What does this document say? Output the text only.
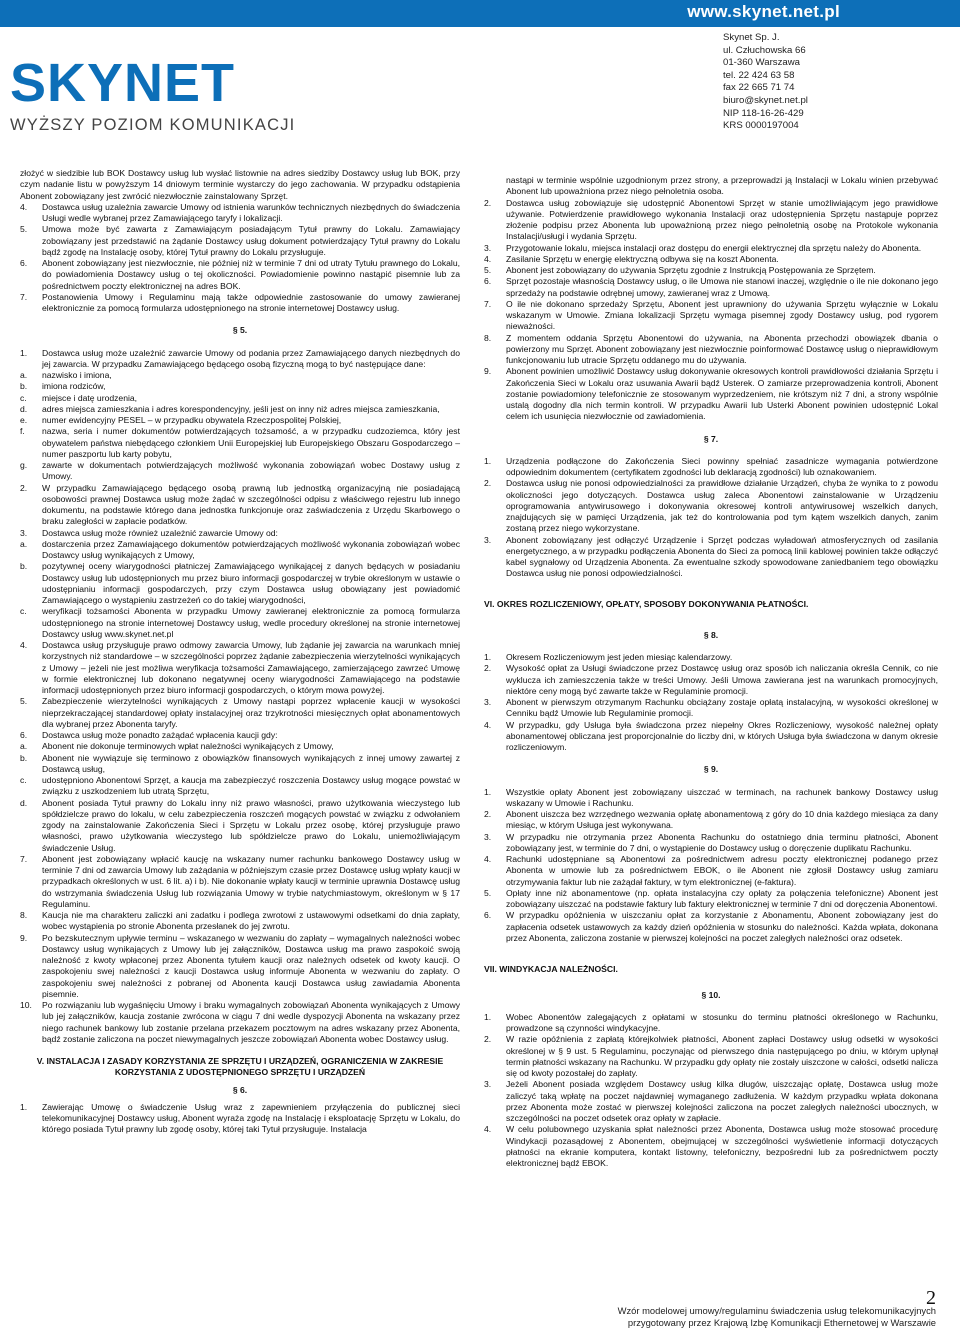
www.skynet.net.pl
SKYNET
WYŻSZY POZIOM KOMUNIKACJI
Skynet Sp. J.
ul. Człuchowska 66
01-360 Warszawa
tel. 22 424 63 58
fax 22 665 71 74
biuro@skynet.net.pl
NIP 118-16-26-429
KRS 0000197004

złożyć w siedzibie lub BOK Dostawcy usług lub wysłać listownie na adres siedziby Dostawcy usług lub BOK, przy czym nadanie listu w powyższym 14 dniowym terminie wystarczy do jego zachowania. W przypadku odstąpienia Abonent zobowiązany jest zwrócić niezwłocznie zainstalowany Sprzęt.

4. Dostawca usług uzależnia zawarcie Umowy od istnienia warunków technicznych niezbędnych do świadczenia Usługi wedle wybranej przez Zamawiającego taryfy i lokalizacji.

5. Umowa może być zawarta z Zamawiającym posiadającym Tytuł prawny do Lokalu. Zamawiający zobowiązany jest przedstawić na żądanie Dostawcy usług dokument potwierdzający Tytuł prawny do Lokalu bądź zgodę na Instalację osoby, której Tytuł prawny do Lokalu przysługuje.

6. Abonent zobowiązany jest niezwłocznie, nie później niż w terminie 7 dni od utraty Tytułu prawnego do Lokalu, do powiadomienia Dostawcy usług o tej okoliczności. Powiadomienie powinno nastąpić pisemnie lub za pośrednictwem poczty elektronicznej na adres BOK.

7. Postanowienia Umowy i Regulaminu mają także odpowiednie zastosowanie do umowy zawieranej elektronicznie za pomocą formularza udostępnionego na stronie internetowej Dostawcy usług.

§ 5.

1. Dostawca usług może uzależnić zawarcie Umowy od podania przez Zamawiającego danych niezbędnych do jej zawarcia. W przypadku Zamawiającego będącego osobą fizyczną mogą to być następujące dane:

a. nazwisko i imiona,

b. imiona rodziców,

c. miejsce i datę urodzenia,

d. adres miejsca zamieszkania i adres korespondencyjny, jeśli jest on inny niż adres miejsca zamieszkania,

e. numer ewidencyjny PESEL – w przypadku obywatela Rzeczpospolitej Polskiej,

f. nazwa, seria i numer dokumentów potwierdzających tożsamość, a w przypadku cudzoziemca, który jest obywatelem państwa niebędącego członkiem Unii Europejskiej lub Europejskiego Obszaru Gospodarczego – numer paszportu lub karty pobytu,

g. zawarte w dokumentach potwierdzających możliwość wykonania zobowiązań wobec Dostawy usług z Umowy.

2. W przypadku Zamawiającego będącego osobą prawną lub jednostką organizacyjną nie posiadającą osobowości prawnej Dostawca usług może żądać w szczególności odpisu z właściwego rejestru lub innego dokumentu, na podstawie którego dana jednostka funkcjonuje oraz zaświadczenia z Urzędu Skarbowego o braku zaległości w zapłacie podatków.

3. Dostawca usług może również uzależnić zawarcie Umowy od:

a. dostarczenia przez Zamawiającego dokumentów potwierdzających możliwość wykonania zobowiązań wobec Dostawcy usług wynikających z Umowy,

b. pozytywnej oceny wiarygodności płatniczej Zamawiającego wynikającej z danych będących w posiadaniu Dostawcy usług lub udostępnionych mu przez biuro informacji gospodarczej w trybie określonym w ustawie o udostępnianiu informacji gospodarczych, przy czym Dostawca usług obowiązany jest powiadomić Zamawiającego o wystąpieniu zastrzeżeń co do takiej wiarygodności,

c. weryfikacji tożsamości Abonenta w przypadku Umowy zawieranej elektronicznie za pomocą formularza udostępnionego na stronie internetowej Dostawcy usług, wedle procedury określonej na stronie internetowej Dostawcy usług www.skynet.net.pl

4. Dostawca usług przysługuje prawo odmowy zawarcia Umowy, lub żądanie jej zawarcia na warunkach mniej korzystnych niż standardowe – w szczególności poprzez żądanie zabezpieczenia wierzytelności wynikających z Umowy – jeżeli nie jest możliwa weryfikacja tożsamości Zamawiającego, zamierzającego zawrzeć Umowę w formie elektronicznej lub dokonano negatywnej oceny wiarygodności Zamawiającego na podstawie informacji udostępnionych przez biuro informacji gospodarczych, o którym mowa powyżej.

5. Zabezpieczenie wierzytelności wynikających z Umowy nastąpi poprzez wpłacenie kaucji w wysokości nieprzekraczającej standardowej opłaty instalacyjnej oraz trzykrotności miesięcznych opłat abonamentowych dla wybranej przez Abonenta taryfy.

6. Dostawca usług może ponadto zażądać wpłacenia kaucji gdy:

a. Abonent nie dokonuje terminowych wpłat należności wynikających z Umowy,

b. Abonent nie wywiązuje się terminowo z obowiązków finansowych wynikających z innej umowy zawartej z Dostawcą usług,

c. udostępniono Abonentowi Sprzęt, a kaucja ma zabezpieczyć roszczenia Dostawcy usług mogące powstać w związku z uszkodzeniem lub utratą Sprzętu,

d. Abonent posiada Tytuł prawny do Lokalu inny niż prawo własności, prawo użytkowania wieczystego lub spółdzielcze prawo do lokalu, w celu zabezpieczenia roszczeń mogących powstać w związku z odwołaniem zgody na zainstalowanie Zakończenia Sieci i Sprzętu w Lokalu przez osobę, której przysługuje prawo własności, prawo użytkowania wieczystego lub spółdzielcze prawo do Lokalu, uniemożliwiającym świadczenie Usług.

7. Abonent jest zobowiązany wpłacić kaucję na wskazany numer rachunku bankowego Dostawcy usług w terminie 7 dni od zawarcia Umowy lub zażądania w późniejszym czasie przez Dostawcę usług wpłaty kaucji w przypadkach określonych w ust. 6 lit. a) i b). Nie dokonanie wpłaty kaucji w terminie uprawnia Dostawcę usług do wstrzymania świadczenia Usług lub rozwiązania Umowy w trybie natychmiastowym, określonym w § 17 Regulaminu.

8. Kaucja nie ma charakteru zaliczki ani zadatku i podlega zwrotowi z ustawowymi odsetkami do dnia zapłaty, wobec wystąpienia po stronie Abonenta przesłanek do jej zwrotu.

9. Po bezskutecznym upływie terminu – wskazanego w wezwaniu do zapłaty – wymagalnych należności wobec Dostawcy usług wynikających z Umowy lub jej załączników, Dostawca usług ma prawo zaspokoić swoją należność z kwoty wpłaconej przez Abonenta tytułem kaucji oraz należnych odsetek od kwoty kaucji. O zaspokojeniu swej należności z kaucji Dostawca usług informuje Abonenta w wezwaniu do zapłaty. O zaspokojeniu swej należności z pobranej od Abonenta kaucji Dostawca usług zawiadamia Abonenta pisemnie.

10. Po rozwiązaniu lub wygaśnięciu Umowy i braku wymagalnych zobowiązań Abonenta wynikających z Umowy lub jej załączników, kaucja zostanie zwrócona w ciągu 7 dni wedle dyspozycji Abonenta na wskazany przez niego rachunek bankowy lub zostanie przelana przekazem pocztowym na adres wskazany przez Abonenta, bądź zostanie zaliczona na poczet niewymagalnych jeszcze zobowiązań Abonenta wobec Dostawcy usług.

V. INSTALACJA I ZASADY KORZYSTANIA ZE SPRZĘTU I URZĄDZEŃ, OGRANICZENIA W ZAKRESIE KORZYSTANIA Z UDOSTĘPNIONEGO SPRZĘTU I URZĄDZEŃ

§ 6.

1. Zawierając Umowę o świadczenie Usług wraz z zapewnieniem przyłączenia do publicznej sieci telekomunikacyjnej Dostawcy usług, Abonent wyraża zgodę na Instalację i eksploatację Sprzętu w Lokalu, do którego posiada Tytuł prawny lub zgodę osoby, której taki Tytuł przysługuje. Instalacja

nastąpi w terminie wspólnie uzgodnionym przez strony, a przeprowadzi ją Instalacji w Lokalu winien przebywać Abonent lub upoważniona przez niego pełnoletnia osoba.

2. Dostawca usług zobowiązuje się udostępnić Abonentowi Sprzęt w stanie umożliwiającym jego prawidłowe używanie. Potwierdzenie prawidłowego wykonania Instalacji oraz udostępnienia Sprzętu nastąpuje poprzez złożenie podpisu przez Abonenta lub upoważnioną przez niego pełnoletnią osobę na Protokole wykonania Instalacji/usługi i wydania Sprzętu.

3. Przygotowanie lokalu, miejsca instalacji oraz dostępu do energii elektrycznej dla sprzętu należy do Abonenta.

4. Zasilanie Sprzętu w energię elektryczną odbywa się na koszt Abonenta.

5. Abonent jest zobowiązany do używania Sprzętu zgodnie z Instrukcją Postępowania ze Sprzętem.

6. Sprzęt pozostaje własnością Dostawcy usług, o ile Umowa nie stanowi inaczej, względnie o ile nie dokonano jego sprzedaży na podstawie odrębnej umowy, zawieranej wraz z Umową.

7. O ile nie dokonano sprzedaży Sprzętu, Abonent jest uprawniony do używania Sprzętu wyłącznie w Lokalu wskazanym w Umowie. Zmiana lokalizacji Sprzętu wymaga pisemnej zgody Dostawcy usług, pod rygorem nieważności.

8. Z momentem oddania Sprzętu Abonentowi do używania, na Abonenta przechodzi obowiązek dbania o powierzony mu Sprzęt. Abonent zobowiązany jest niezwłocznie poinformować Dostawcę usług o nieprawidłowym funkcjonowaniu lub utracie Sprzętu oddanego mu do używania.

9. Abonent powinien umożliwić Dostawcy usług dokonywanie okresowych kontroli prawidłowości działania Sprzętu i Zakończenia Sieci w Lokalu oraz usuwania Awarii bądź Usterek. O zamiarze przeprowadzenia kontroli, Abonent zostanie powiadomiony telefonicznie ze stosowanym wyprzedzeniem, nie krótszym niż 7 dni, a strony wspólnie ustalą dogodny dla nich termin kontroli. W przypadku Awarii lub Usterki Abonent powinien udostępnić Lokal celem ich usunięcia niezwłocznie od zawiadomienia.

§ 7.

1. Urządzenia podłączone do Zakończenia Sieci powinny spełniać zasadnicze wymagania potwierdzone odpowiednim dokumentem (certyfikatem zgodności lub deklaracją zgodności) lub oznakowaniem.

2. Dostawca usług nie ponosi odpowiedzialności za prawidłowe działanie Urządzeń, chyba że wynika to z powodu okoliczności jego dotyczących. Dostawca usług zaleca Abonentowi zainstalowanie w Urządzeniu oprogramowania antywirusowego i dokonywania okresowej kontroli antywirusowej wszelkich danych, znajdujących się w pamięci Urządzenia, jak też do kontrolowania pod tym kątem wszelkich danych, zanim zostaną przez niego wykorzystane.

3. Abonent zobowiązany jest odłączyć Urządzenie i Sprzęt podczas wyładowań atmosferycznych od zasilania energetycznego, a w przypadku podłączenia Abonenta do Sieci za pomocą linii kablowej powinien także odłączyć kabel sygnałowy od Urządzenia Abonenta. Za ewentualne szkody spowodowane zaniedbaniem tego obowiązku Dostawca usług nie ponosi odpowiedzialności.

VI. OKRES ROZLICZENIOWY, OPŁATY, SPOSOBY DOKONYWANIA PŁATNOŚCI.

§ 8.

1. Okresem Rozliczeniowym jest jeden miesiąc kalendarzowy.

2. Wysokość opłat za Usługi świadczone przez Dostawcę usług oraz sposób ich naliczania określa Cennik, co nie wyklucza ich zamieszczenia także w treści Umowy. Jeśli Umowa zawierana jest na warunkach promocyjnych, niektóre ceny mogą być zawarte także w Regulaminie promocji.

3. Abonent w pierwszym otrzymanym Rachunku obciążany zostaje opłatą instalacyjną, w wysokości określonej w Cenniku bądź Umowie lub Regulaminie promocji.

4. W przypadku, gdy Usługa była świadczona przez niepełny Okres Rozliczeniowy, wysokość należnej opłaty abonamentowej obliczana jest proporcjonalnie do liczby dni, w których Usługa była świadczona w danym okresie rozliczeniowym.

§ 9.

1. Wszystkie opłaty Abonent jest zobowiązany uiszczać w terminach, na rachunek bankowy Dostawcy usług wskazany w Umowie i Rachunku.

2. Abonent uiszcza bez wzrzędnego wezwania opłatę abonamentową z góry do 10 dnia każdego miesiąca za dany miesiąc, w którym Usługa jest wykonywana.

3. W przypadku nie otrzymania przez Abonenta Rachunku do ostatniego dnia terminu płatności, Abonent zobowiązany jest, w terminie do 7 dni, o wystąpienie do Dostawcy usług o doręczenie duplikatu Rachunku.

4. Rachunki udostępniane są Abonentowi za pośrednictwem adresu poczty elektronicznej podanego przez Abonenta w umowie lub za pośrednictwem EBOK, o ile Abonent nie zgłosił Dostawcy usług zamiaru otrzymywania faktur lub nie zażądał faktury, w tym elektronicznej (e-faktura).

5. Opłaty inne niż abonamentowe (np. opłata instalacyjna czy opłaty za połączenia telefoniczne) Abonent jest zobowiązany uiszczać na podstawie faktury lub faktury elektronicznej w terminie 7 dni od doręczenia Abonentowi.

6. W przypadku opóźnienia w uiszczaniu opłat za korzystanie z Abonamentu, Abonent zobowiązany jest do zapłacenia odsetek ustawowych za każdy dzień opóźnienia w stosunku do należności. Każda wpłata, dokonana przez Abonenta, zaliczona zostanie w pierwszej kolejności na poczet zaległych należności oraz odsetek.

VII. WINDYKACJA NALEŻNOŚCI.

§ 10.

1. Wobec Abonentów zalegających z opłatami w stosunku do terminu płatności określonego w Rachunku, prowadzone są czynności windykacyjne.

2. W razie opóźnienia z zapłatą którejkolwiek płatności, Abonent zapłaci Dostawcy usług odsetki w wysokości określonej w § 9 ust. 5 Regulaminu, poczynając od pierwszego dnia następującego po dniu, w którym upłynął termin płatności wskazany na Rachunku. W przypadku gdy opłaty nie zostały uiszczone w całości, odsetki nalicza się od kwoty pozostałej do zapłaty.

3. Jeżeli Abonent posiada względem Dostawcy usług kilka długów, uiszczając opłatę, Dostawca usług może zaliczyć taką wpłatę na poczet najdawniej wymaganego zadłużenia. W każdym przypadku wpłata dokonana przez Abonenta może zostać w pierwszej kolejności zaliczona na poczet zaległych należności ubocznych, w szczególności na poczet odsetek oraz opłaty w zapłacie.

4. W celu polubownego uzyskania spłat należności przez Abonenta, Dostawca usług może stosować procedurę Windykacji pozasądowej z Abonentem, obejmującej w szczególności wyświetlenie informacji dotyczących płatności na ekranie komputera, kontakt listowny, telefoniczny, bezpośredni lub za pośrednictwem poczty elektronicznej bądź EBOK.

2
Wzór modelowej umowy/regulaminu świadczenia usług telekomunikacyjnych
przygotowany przez Krajową Izbę Komunikacji Ethernetowej w Warszawie
